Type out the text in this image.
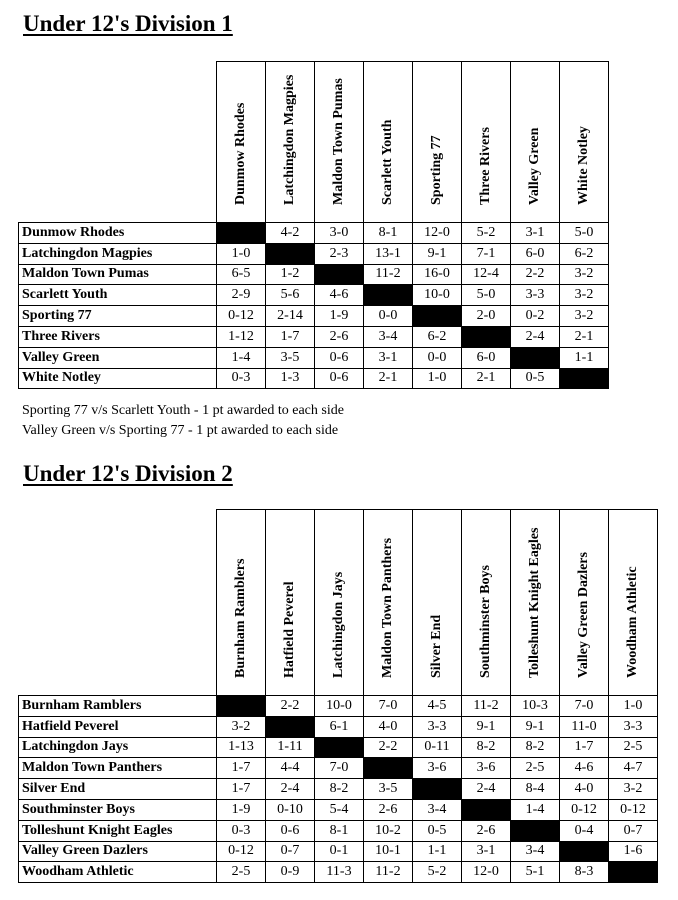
Under 12's Division 1

	Dunmow Rhodes	Latchingdon Magpies	Maldon Town Pumas	Scarlett Youth	Sporting 77	Three Rivers	Valley Green	White Notley

Dunmow Rhodes		4-2	3-0	8-1	12-0	5-2	3-1	5-0
Latchingdon Magpies	1-0		2-3	13-1	9-1	7-1	6-0	6-2
Maldon Town Pumas	6-5	1-2		11-2	16-0	12-4	2-2	3-2
Scarlett Youth	2-9	5-6	4-6		10-0	5-0	3-3	3-2
Sporting 77	0-12	2-14	1-9	0-0		2-0	0-2	3-2
Three Rivers	1-12	1-7	2-6	3-4	6-2		2-4	2-1
Valley Green	1-4	3-5	0-6	3-1	0-0	6-0		1-1
White Notley	0-3	1-3	0-6	2-1	1-0	2-1	0-5	

Sporting 77 v/s Scarlett Youth - 1 pt awarded to each side

Valley Green v/s Sporting 77 - 1 pt awarded to each side

Under 12's Division 2

	Burnham Ramblers	Hatfield Peverel	Latchingdon Jays	Maldon Town Panthers	Silver End	Southminster Boys	Tolleshunt Knight Eagles	Valley Green Dazlers	Woodham Athletic

Burnham Ramblers		2-2	10-0	7-0	4-5	11-2	10-3	7-0	1-0
Hatfield Peverel	3-2		6-1	4-0	3-3	9-1	9-1	11-0	3-3
Latchingdon Jays	1-13	1-11		2-2	0-11	8-2	8-2	1-7	2-5
Maldon Town Panthers	1-7	4-4	7-0		3-6	3-6	2-5	4-6	4-7
Silver End	1-7	2-4	8-2	3-5		2-4	8-4	4-0	3-2
Southminster Boys	1-9	0-10	5-4	2-6	3-4		1-4	0-12	0-12
Tolleshunt Knight Eagles	0-3	0-6	8-1	10-2	0-5	2-6		0-4	0-7
Valley Green Dazlers	0-12	0-7	0-1	10-1	1-1	3-1	3-4		1-6
Woodham Athletic	2-5	0-9	11-3	11-2	5-2	12-0	5-1	8-3	
